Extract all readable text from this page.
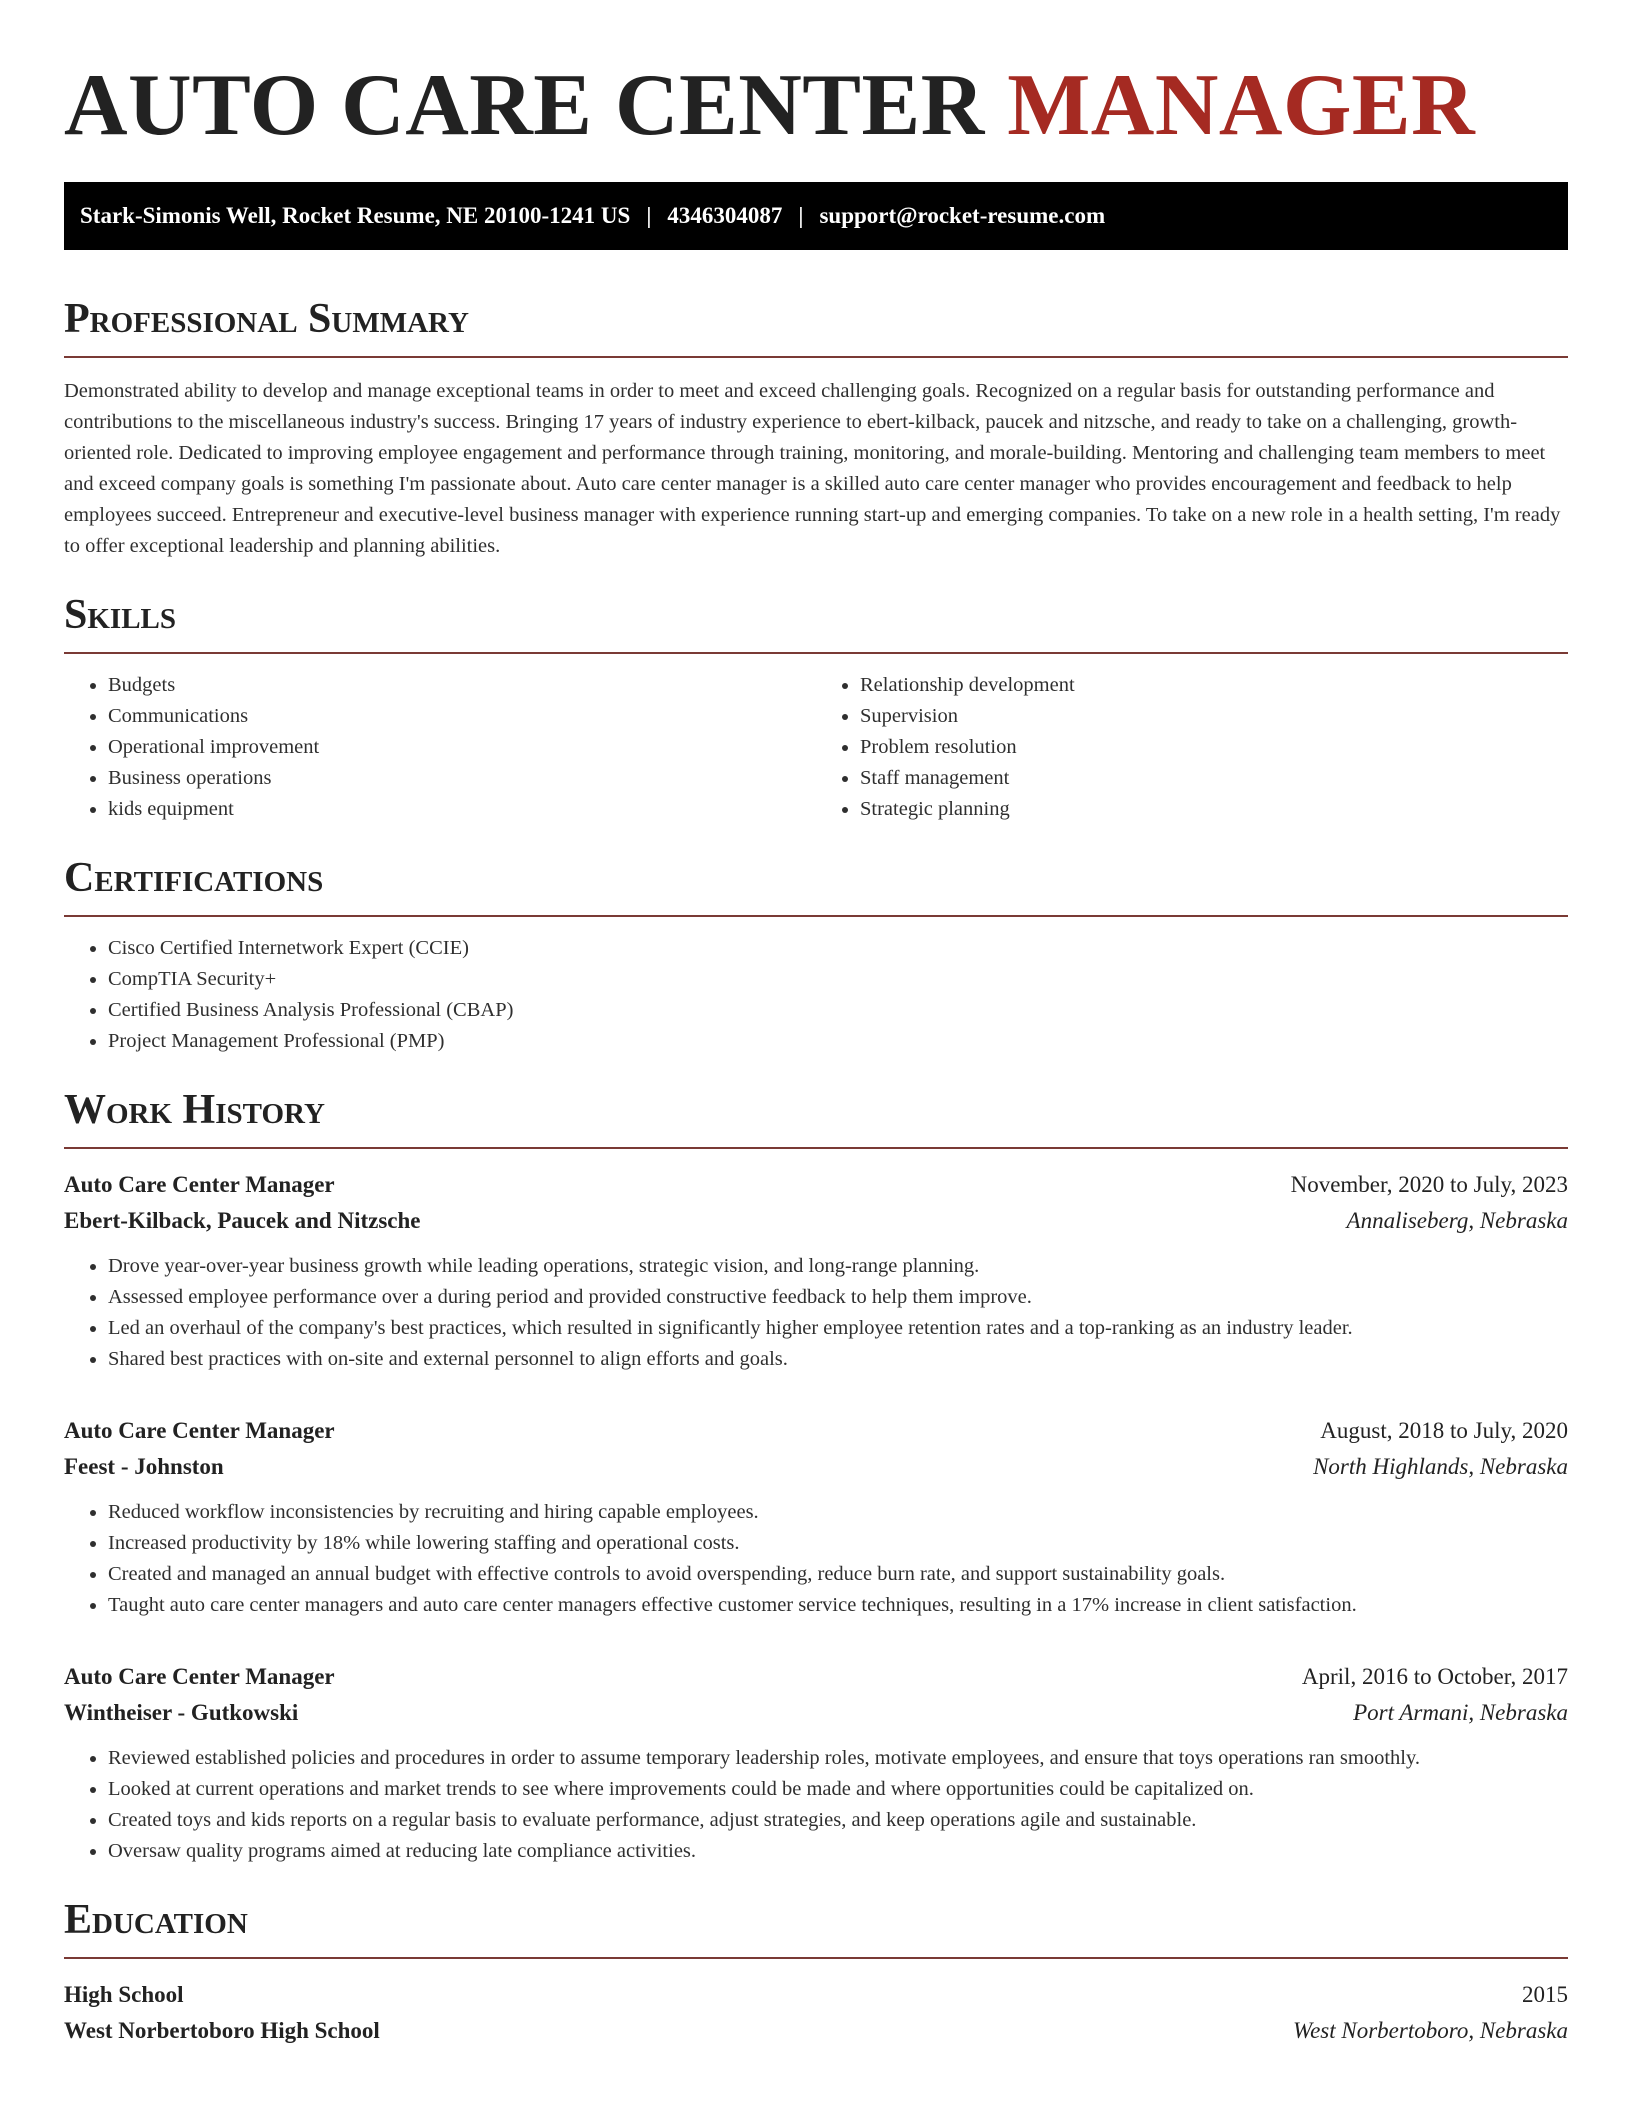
AUTO CARE CENTER MANAGER
Stark-Simonis Well, Rocket Resume, NE 20100-1241 US | 4346304087 | support@rocket-resume.com
Professional Summary

Demonstrated ability to develop and manage exceptional teams in order to meet and exceed challenging goals. Recognized on a regular basis for outstanding performance and contributions to the miscellaneous industry's success. Bringing 17 years of industry experience to ebert-kilback, paucek and nitzsche, and ready to take on a challenging, growth-oriented role. Dedicated to improving employee engagement and performance through training, monitoring, and morale-building. Mentoring and challenging team members to meet and exceed company goals is something I'm passionate about. Auto care center manager is a skilled auto care center manager who provides encouragement and feedback to help employees succeed. Entrepreneur and executive-level business manager with experience running start-up and emerging companies. To take on a new role in a health setting, I'm ready to offer exceptional leadership and planning abilities.

Skills
• Budgets
• Communications
• Operational improvement
• Business operations
• kids equipment
• Relationship development
• Supervision
• Problem resolution
• Staff management
• Strategic planning
Certifications
• Cisco Certified Internetwork Expert (CCIE)
• CompTIA Security+
• Certified Business Analysis Professional (CBAP)
• Project Management Professional (PMP)
Work History
Auto Care Center Manager	November, 2020 to July, 2023
Ebert-Kilback, Paucek and Nitzsche	Annaliseberg, Nebraska
• Drove year-over-year business growth while leading operations, strategic vision, and long-range planning.
• Assessed employee performance over a during period and provided constructive feedback to help them improve.
• Led an overhaul of the company's best practices, which resulted in significantly higher employee retention rates and a top-ranking as an industry leader.
• Shared best practices with on-site and external personnel to align efforts and goals.
Auto Care Center Manager	August, 2018 to July, 2020
Feest - Johnston	North Highlands, Nebraska
• Reduced workflow inconsistencies by recruiting and hiring capable employees.
• Increased productivity by 18% while lowering staffing and operational costs.
• Created and managed an annual budget with effective controls to avoid overspending, reduce burn rate, and support sustainability goals.
• Taught auto care center managers and auto care center managers effective customer service techniques, resulting in a 17% increase in client satisfaction.
Auto Care Center Manager	April, 2016 to October, 2017
Wintheiser - Gutkowski	Port Armani, Nebraska
• Reviewed established policies and procedures in order to assume temporary leadership roles, motivate employees, and ensure that toys operations ran smoothly.
• Looked at current operations and market trends to see where improvements could be made and where opportunities could be capitalized on.
• Created toys and kids reports on a regular basis to evaluate performance, adjust strategies, and keep operations agile and sustainable.
• Oversaw quality programs aimed at reducing late compliance activities.
Education
High School	2015
West Norbertoboro High School	West Norbertoboro, Nebraska
